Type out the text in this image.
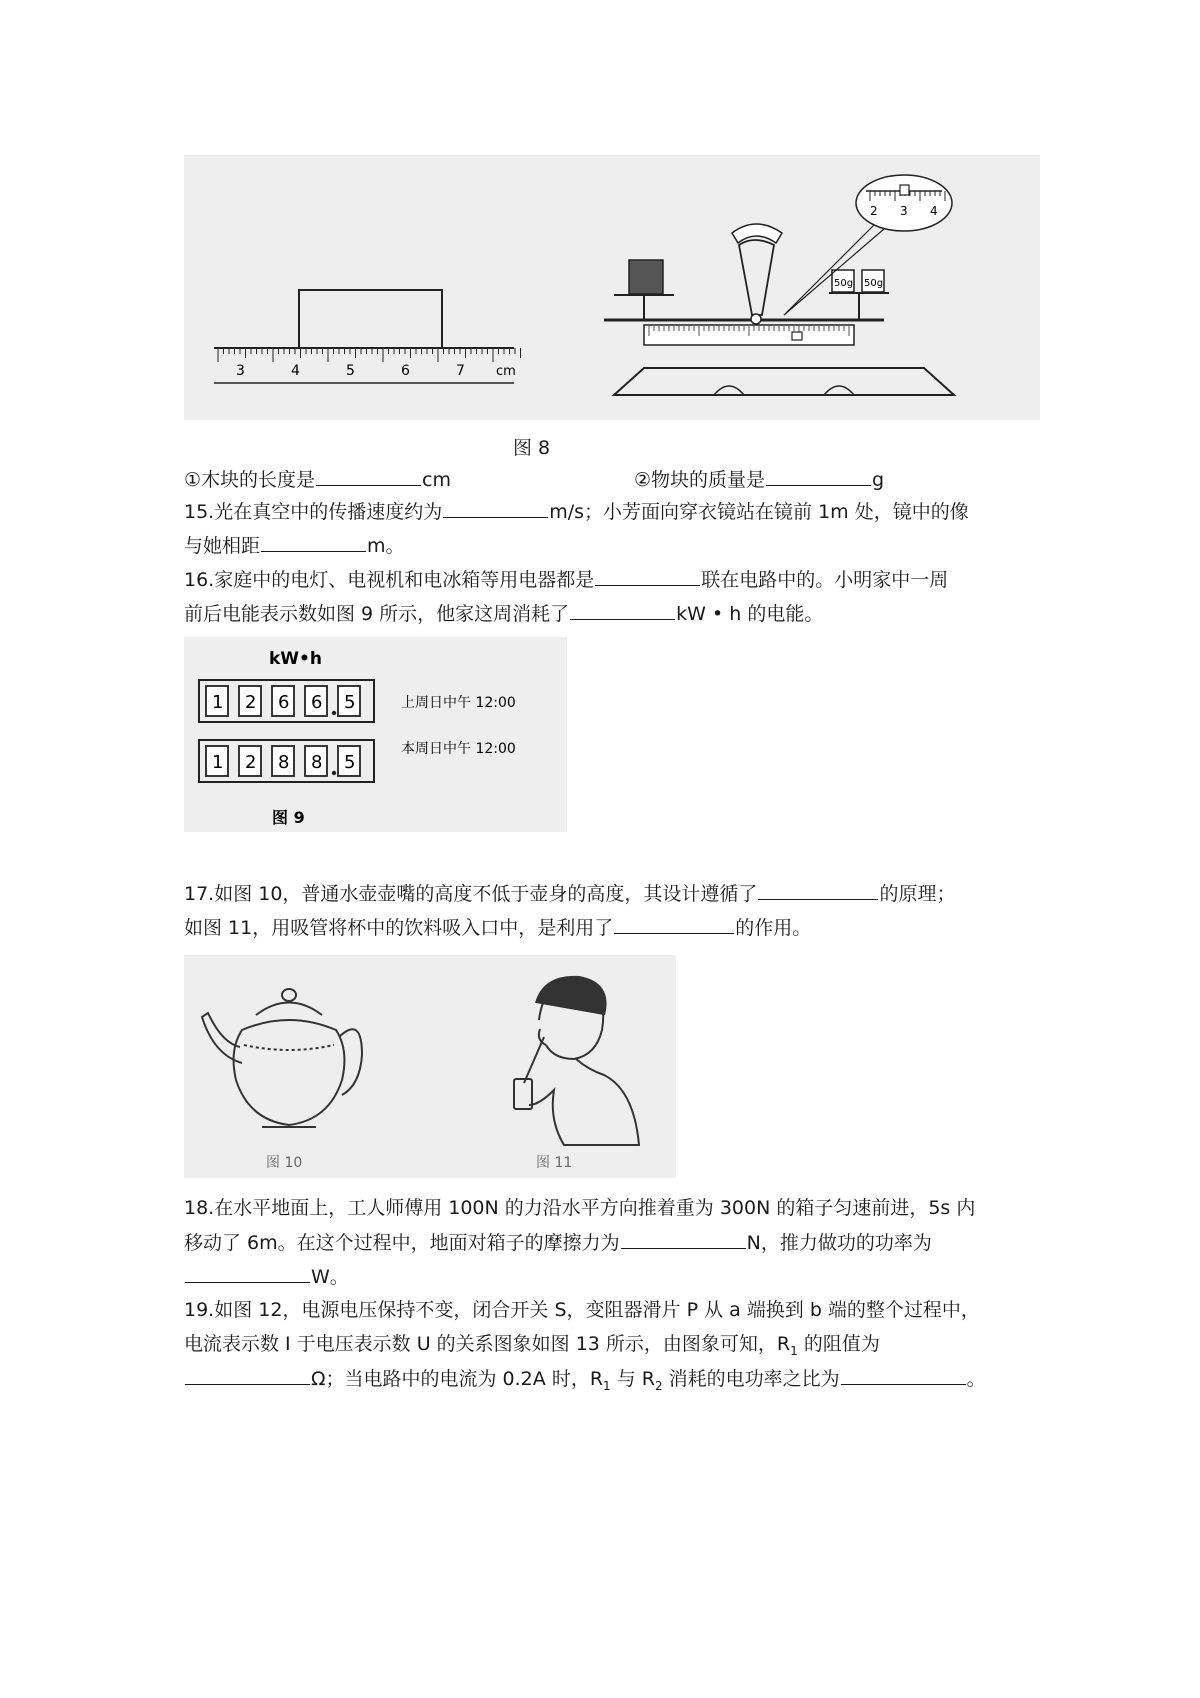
3	4	5	6	7 cm
50g 50g
2 3 4
图 8
①木块的长度是	cm	②物块的质量是	g
15.光在真空中的传播速度约为	m/s；小芳面向穿衣镜站在镜前 1m 处，镜中的像
与她相距	m。
16.家庭中的电灯、电视机和电冰箱等用电器都是	联在电路中的。小明家中一周
前后电能表示数如图 9 所示，他家这周消耗了	kW • h 的电能。
kW•h
1 2 6 6 5
1 2 8 8 5
上周日中午 12:00
本周日中午 12:00
图 9
17.如图 10，普通水壶壶嘴的高度不低于壶身的高度，其设计遵循了	的原理；
如图 11，用吸管将杯中的饮料吸入口中，是利用了	的作用。
图 10	图 11
18.在水平地面上，工人师傅用 100N 的力沿水平方向推着重为 300N 的箱子匀速前进，5s 内
移动了 6m。在这个过程中，地面对箱子的摩擦力为	N，推力做功的功率为
W。
19.如图 12，电源电压保持不变，闭合开关 S，变阻器滑片 P 从 a 端换到 b 端的整个过程中，
电流表示数 I 于电压表示数 U 的关系图象如图 13 所示，由图象可知，$R_1$ 的阻值为
Ω；当电路中的电流为 0.2A 时，$R_1$ 与 $R_2$ 消耗的电功率之比为	。
